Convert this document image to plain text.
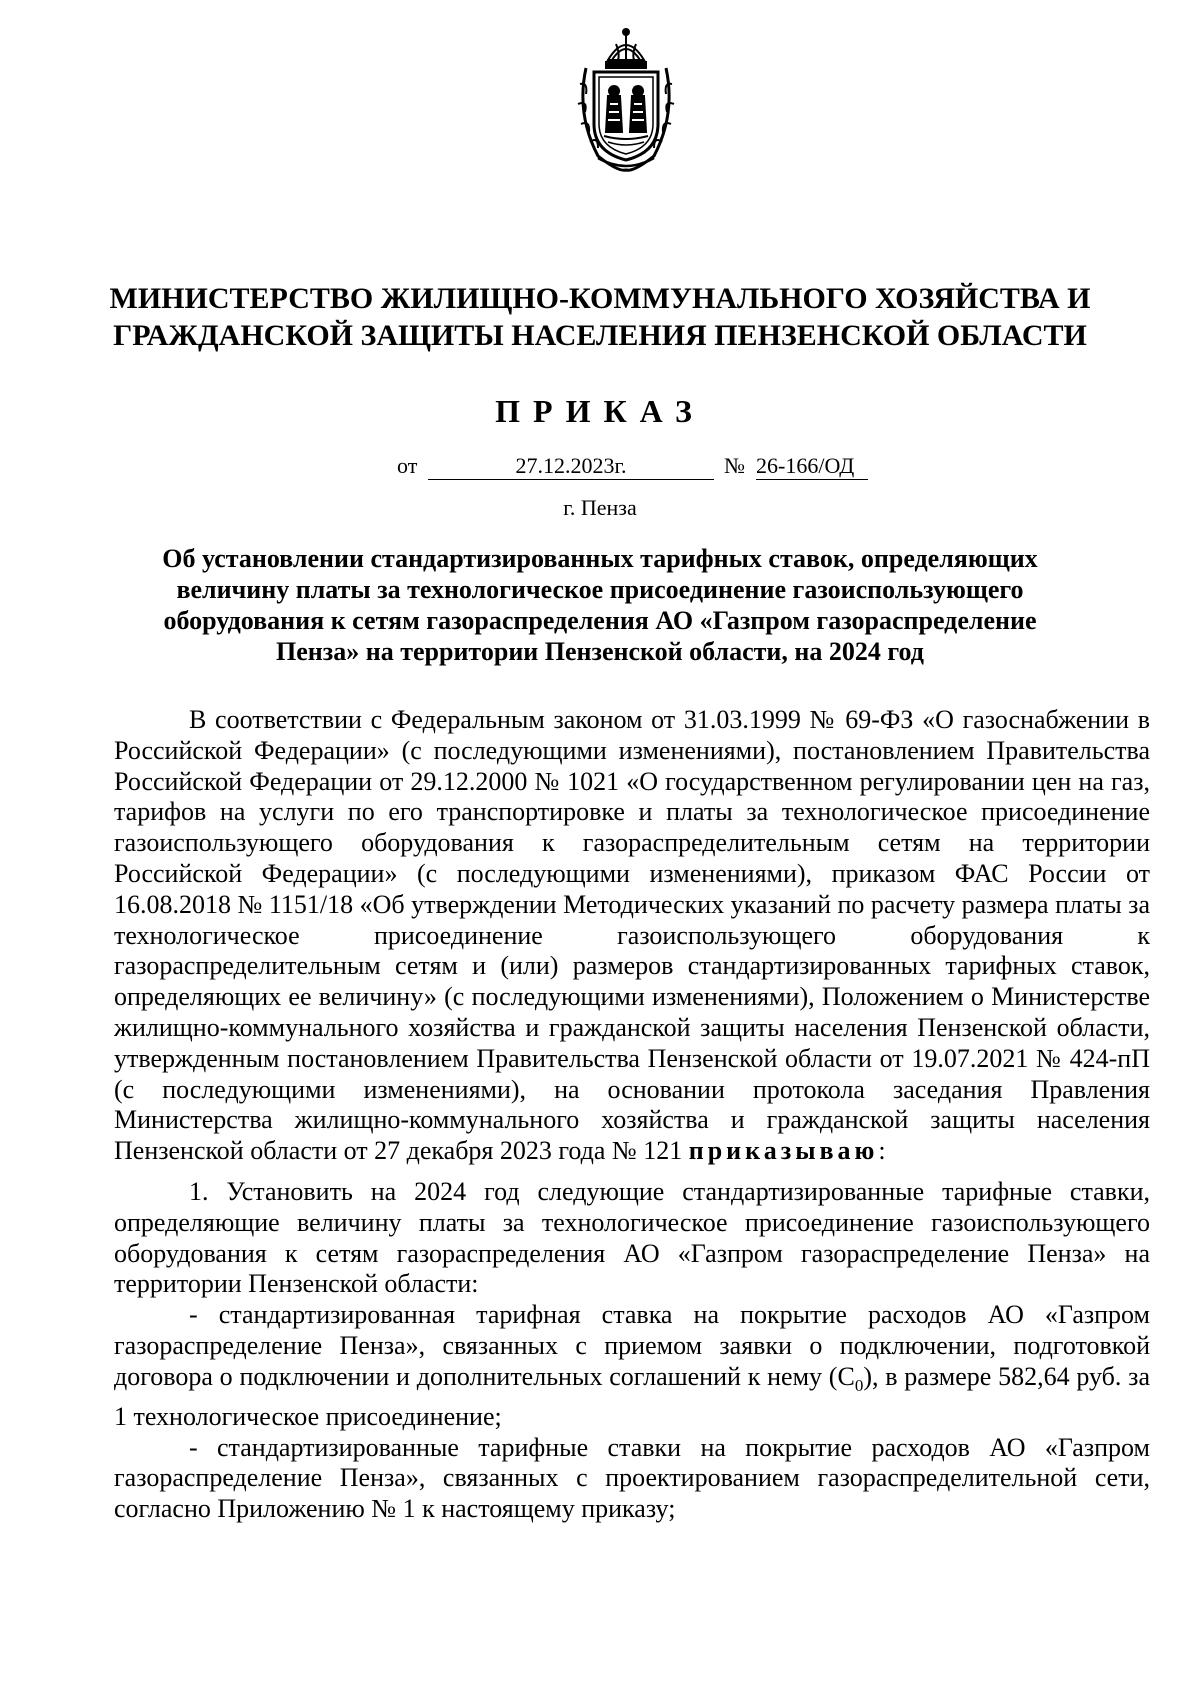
МИНИСТЕРСТВО ЖИЛИЩНО-КОММУНАЛЬНОГО ХОЗЯЙСТВА И
ГРАЖДАНСКОЙ ЗАЩИТЫ НАСЕЛЕНИЯ ПЕНЗЕНСКОЙ ОБЛАСТИ
ПРИКАЗ
от	27.12.2023г.	№ 26-166/ОД
г. Пенза
Об установлении стандартизированных тарифных ставок, определяющих
величину платы за технологическое присоединение газоиспользующего
оборудования к сетям газораспределения АО «Газпром газораспределение
Пенза» на территории Пензенской области, на 2024 год

В соответствии с Федеральным законом от 31.03.1999 № 69-ФЗ «О газоснабжении в Российской Федерации» (с последующими изменениями), постановлением Правительства Российской Федерации от 29.12.2000 № 1021 «О государственном регулировании цен на газ, тарифов на услуги по его транспортировке и платы за технологическое присоединение газоиспользующего оборудования к газораспределительным сетям на территории Российской Федерации» (с последующими изменениями), приказом ФАС России от 16.08.2018 № 1151/18 «Об утверждении Методических указаний по расчету размера платы за технологическое присоединение газоиспользующего оборудования к газораспределительным сетям и (или) размеров стандартизированных тарифных ставок, определяющих ее величину» (с последующими изменениями), Положением о Министерстве жилищно-коммунального хозяйства и гражданской защиты населения Пензенской области, утвержденным постановлением Правительства Пензенской области от 19.07.2021 № 424-пП (с последующими изменениями), на основании протокола заседания Правления Министерства жилищно-коммунального хозяйства и гражданской защиты населения Пензенской области от 27 декабря 2023 года № 121 приказываю:

1. Установить на 2024 год следующие стандартизированные тарифные ставки, определяющие величину платы за технологическое присоединение газоиспользующего оборудования к сетям газораспределения АО «Газпром газораспределение Пенза» на территории Пензенской области:

- стандартизированная тарифная ставка на покрытие расходов АО «Газпром газораспределение Пенза», связанных с приемом заявки о подключении, подготовкой договора о подключении и дополнительных соглашений к нему $(С_0)$, в размере 582,64 руб. за 1 технологическое присоединение;

- стандартизированные тарифные ставки на покрытие расходов АО «Газпром газораспределение Пенза», связанных с проектированием газораспределительной сети, согласно Приложению № 1 к настоящему приказу;
